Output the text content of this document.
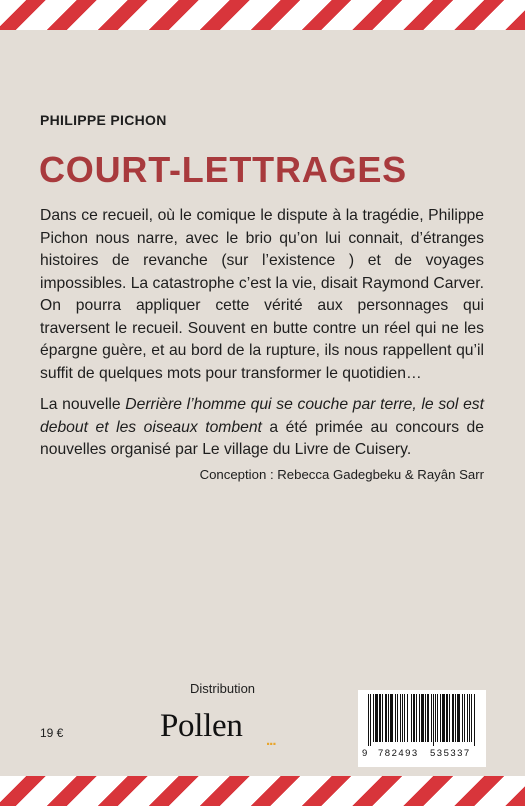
PHILIPPE PICHON

COURT-LETTRAGES

Dans ce recueil, où le comique le dispute à la tragédie, Philippe Pichon nous narre, avec le brio qu’on lui connait, d’étranges histoires de revanche (sur l’existence ) et de voyages impossibles. La catastrophe c’est la vie, disait Raymond Carver. On pourra appliquer cette vérité aux personnages qui traversent le recueil. Souvent en butte contre un réel qui ne les épargne guère, et au bord de la rupture, ils nous rappellent qu’il suffit de quelques mots pour transformer le quotidien…

La nouvelle Derrière l’homme qui se couche par terre, le sol est debout et les oiseaux tombent a été primée au concours de nouvelles organisé par Le village du Livre de Cuisery.

Conception : Rebecca Gadegbeku & Rayân Sarr

Distribution
19 €	Pollen ...
9 782493 535337
